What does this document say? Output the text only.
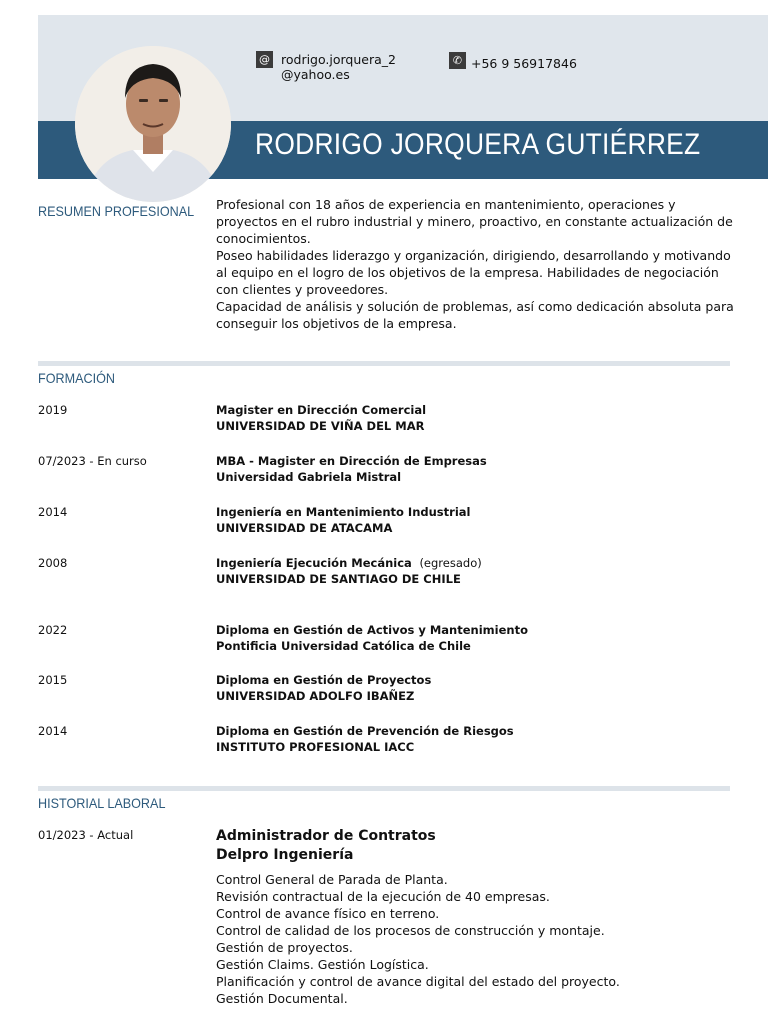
RODRIGO JORQUERA GUTIÉRREZ
@ rodrigo.jorquera_2
@yahoo.es
✆ +56 9 56917846
RESUMEN PROFESIONAL Profesional con 18 años de experiencia en mantenimiento, operaciones y proyectos en el rubro industrial y minero, proactivo, en constante actualización de conocimientos.

Poseo habilidades liderazgo y organización, dirigiendo, desarrollando y motivando al equipo en el logro de los objetivos de la empresa. Habilidades de negociación con clientes y proveedores.

Capacidad de análisis y solución de problemas, así como dedicación absoluta para conseguir los objetivos de la empresa.

FORMACIÓN
2019	Magister en Dirección Comercial
UNIVERSIDAD DE VIÑA DEL MAR
07/2023 - En curso	MBA - Magister en Dirección de Empresas
Universidad Gabriela Mistral
2014	Ingeniería en Mantenimiento Industrial
UNIVERSIDAD DE ATACAMA
2008	Ingeniería Ejecución Mecánica (egresado)
UNIVERSIDAD DE SANTIAGO DE CHILE
2022	Diploma en Gestión de Activos y Mantenimiento
Pontificia Universidad Católica de Chile
2015	Diploma en Gestión de Proyectos
UNIVERSIDAD ADOLFO IBAÑEZ
2014	Diploma en Gestión de Prevención de Riesgos
INSTITUTO PROFESIONAL IACC
HISTORIAL LABORAL
01/2023 - Actual	Administrador de Contratos
Delpro Ingeniería
Control General de Parada de Planta.
Revisión contractual de la ejecución de 40 empresas.
Control de avance físico en terreno.
Control de calidad de los procesos de construcción y montaje.
Gestión de proyectos.
Gestión Claims. Gestión Logística.
Planificación y control de avance digital del estado del proyecto.
Gestión Documental.
